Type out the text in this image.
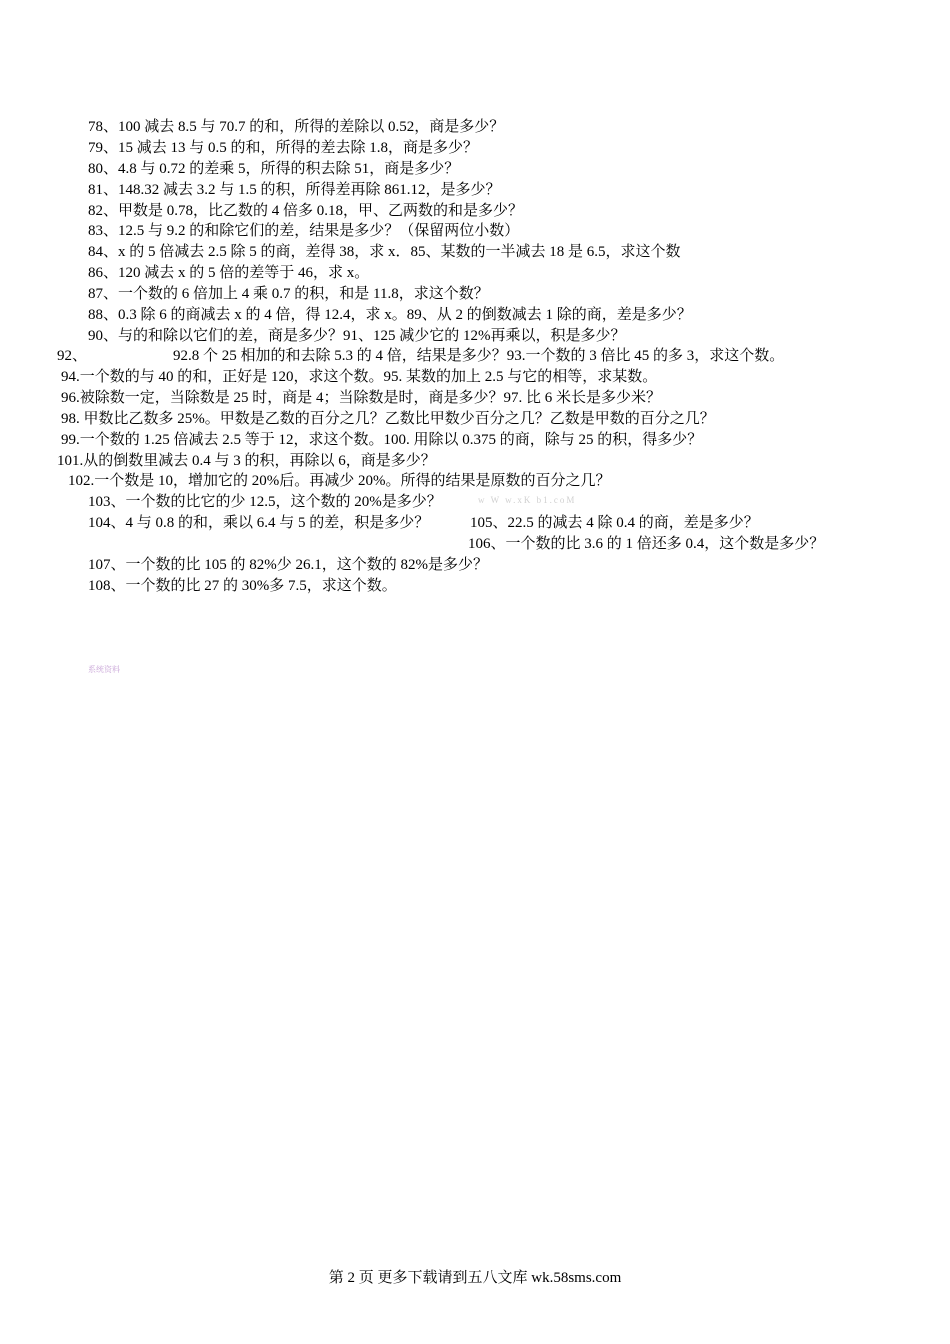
78、100 减去 8.5 与 70.7 的和，所得的差除以 0.52，商是多少？
79、15 减去 13 与 0.5 的和，所得的差去除 1.8，商是多少？
80、4.8 与 0.72 的差乘 5，所得的积去除 51，商是多少？
81、148.32 减去 3.2 与 1.5 的积，所得差再除 861.12，是多少？
82、甲数是 0.78，比乙数的 4 倍多 0.18，甲、乙两数的和是多少？
83、12.5 与 9.2 的和除它们的差，结果是多少？（保留两位小数）
84、x 的 5 倍减去 2.5 除 5 的商，差得 38，求 x．85、某数的一半减去 18 是 6.5，求这个数
86、120 减去 x 的 5 倍的差等于 46，求 x。
87、一个数的 6 倍加上 4 乘 0.7 的积，和是 11.8，求这个数？
88、0.3 除 6 的商减去 x 的 4 倍，得 12.4，求 x。89、从 2 的倒数减去 1 除的商，差是多少？
90、与的和除以它们的差，商是多少？91、125 减少它的 12%再乘以，积是多少？
92、	92.8 个 25 相加的和去除 5.3 的 4 倍，结果是多少？93.一个数的 3 倍比 45 的多 3，求这个数。
94.一个数的与 40 的和，正好是 120，求这个数。95. 某数的加上 2.5 与它的相等，求某数。
96.被除数一定，当除数是 25 时，商是 4；当除数是时，商是多少？97. 比 6 米长是多少米？
98. 甲数比乙数多 25%。甲数是乙数的百分之几？乙数比甲数少百分之几？乙数是甲数的百分之几？
99.一个数的 1.25 倍减去 2.5 等于 12，求这个数。100. 用除以 0.375 的商，除与 25 的积，得多少？
101.从的倒数里减去 0.4 与 3 的积，再除以 6，商是多少？
102.一个数是 10，增加它的 20%后。再减少 20%。所得的结果是原数的百分之几？
103、一个数的比它的少 12.5，这个数的 20%是多少？	w W w.xK b1.coM
104、4 与 0.8 的和，乘以 6.4 与 5 的差，积是多少？	105、22.5 的减去 4 除 0.4 的商，差是多少？
106、一个数的比 3.6 的 1 倍还多 0.4，这个数是多少？
107、一个数的比 105 的 82%少 26.1，这个数的 82%是多少？
108、一个数的比 27 的 30%多 7.5，求这个数。
系统资料
第 2 页 更多下载请到五八文库 wk.58sms.com
